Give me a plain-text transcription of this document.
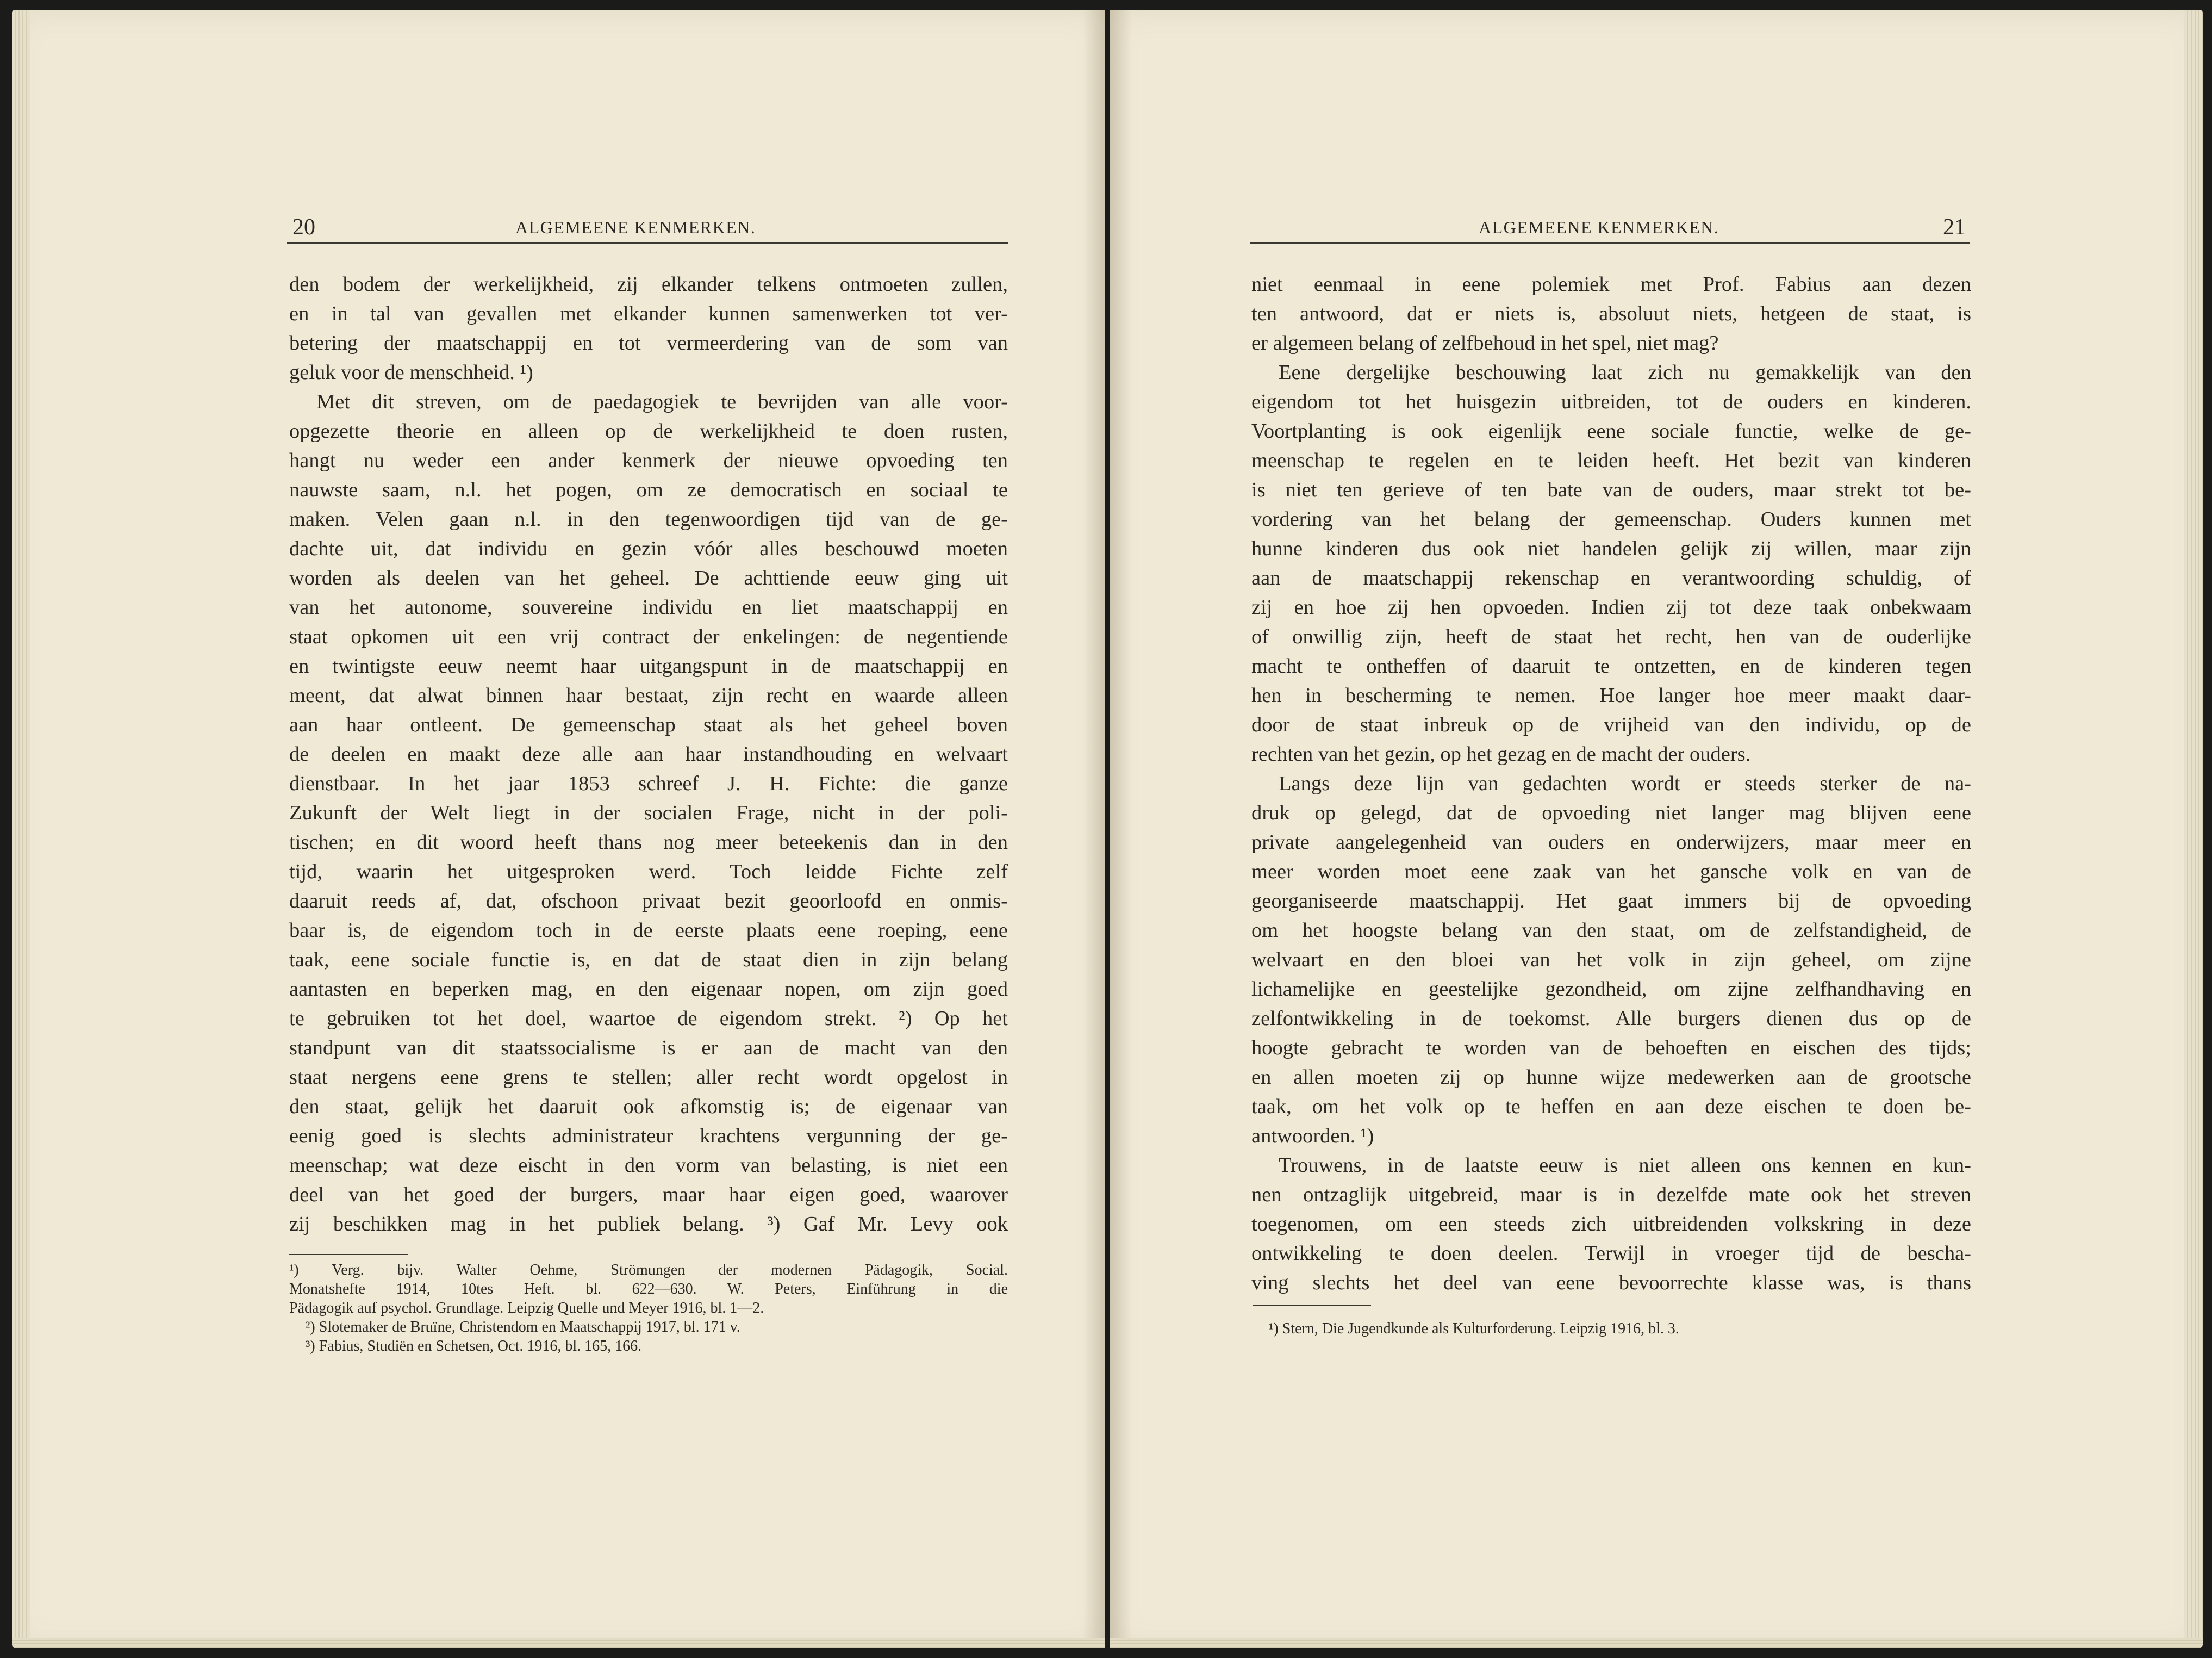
20	ALGEMEENE KENMERKEN.
den bodem der werkelijkheid, zij elkander telkens ontmoeten zullen,
en in tal van gevallen met elkander kunnen samenwerken tot ver-
betering der maatschappij en tot vermeerdering van de som van
geluk voor de menschheid. ¹)
Met dit streven, om de paedagogiek te bevrijden van alle voor-
opgezette theorie en alleen op de werkelijkheid te doen rusten,
hangt nu weder een ander kenmerk der nieuwe opvoeding ten
nauwste saam, n.l. het pogen, om ze democratisch en sociaal te
maken. Velen gaan n.l. in den tegenwoordigen tijd van de ge-
dachte uit, dat individu en gezin vóór alles beschouwd moeten
worden als deelen van het geheel. De achttiende eeuw ging uit
van het autonome, souvereine individu en liet maatschappij en
staat opkomen uit een vrij contract der enkelingen: de negentiende
en twintigste eeuw neemt haar uitgangspunt in de maatschappij en
meent, dat alwat binnen haar bestaat, zijn recht en waarde alleen
aan haar ontleent. De gemeenschap staat als het geheel boven
de deelen en maakt deze alle aan haar instandhouding en welvaart
dienstbaar. In het jaar 1853 schreef J. H. Fichte: die ganze
Zukunft der Welt liegt in der socialen Frage, nicht in der poli-
tischen; en dit woord heeft thans nog meer beteekenis dan in den
tijd, waarin het uitgesproken werd. Toch leidde Fichte zelf
daaruit reeds af, dat, ofschoon privaat bezit geoorloofd en onmis-
baar is, de eigendom toch in de eerste plaats eene roeping, eene
taak, eene sociale functie is, en dat de staat dien in zijn belang
aantasten en beperken mag, en den eigenaar nopen, om zijn goed
te gebruiken tot het doel, waartoe de eigendom strekt. ²) Op het
standpunt van dit staatssocialisme is er aan de macht van den
staat nergens eene grens te stellen; aller recht wordt opgelost in
den staat, gelijk het daaruit ook afkomstig is; de eigenaar van
eenig goed is slechts administrateur krachtens vergunning der ge-
meenschap; wat deze eischt in den vorm van belasting, is niet een
deel van het goed der burgers, maar haar eigen goed, waarover
zij beschikken mag in het publiek belang. ³) Gaf Mr. Levy ook
¹) Verg. bijv. Walter Oehme, Strömungen der modernen Pädagogik, Social.
Monatshefte 1914, 10tes Heft. bl. 622—630. W. Peters, Einführung in die
Pädagogik auf psychol. Grundlage. Leipzig Quelle und Meyer 1916, bl. 1—2.
²) Slotemaker de Bruïne, Christendom en Maatschappij 1917, bl. 171 v.
³) Fabius, Studiën en Schetsen, Oct. 1916, bl. 165, 166.
ALGEMEENE KENMERKEN.	21
niet eenmaal in eene polemiek met Prof. Fabius aan dezen
ten antwoord, dat er niets is, absoluut niets, hetgeen de staat, is
er algemeen belang of zelfbehoud in het spel, niet mag?
Eene dergelijke beschouwing laat zich nu gemakkelijk van den
eigendom tot het huisgezin uitbreiden, tot de ouders en kinderen.
Voortplanting is ook eigenlijk eene sociale functie, welke de ge-
meenschap te regelen en te leiden heeft. Het bezit van kinderen
is niet ten gerieve of ten bate van de ouders, maar strekt tot be-
vordering van het belang der gemeenschap. Ouders kunnen met
hunne kinderen dus ook niet handelen gelijk zij willen, maar zijn
aan de maatschappij rekenschap en verantwoording schuldig, of
zij en hoe zij hen opvoeden. Indien zij tot deze taak onbekwaam
of onwillig zijn, heeft de staat het recht, hen van de ouderlijke
macht te ontheffen of daaruit te ontzetten, en de kinderen tegen
hen in bescherming te nemen. Hoe langer hoe meer maakt daar-
door de staat inbreuk op de vrijheid van den individu, op de
rechten van het gezin, op het gezag en de macht der ouders.
Langs deze lijn van gedachten wordt er steeds sterker de na-
druk op gelegd, dat de opvoeding niet langer mag blijven eene
private aangelegenheid van ouders en onderwijzers, maar meer en
meer worden moet eene zaak van het gansche volk en van de
georganiseerde maatschappij. Het gaat immers bij de opvoeding
om het hoogste belang van den staat, om de zelfstandigheid, de
welvaart en den bloei van het volk in zijn geheel, om zijne
lichamelijke en geestelijke gezondheid, om zijne zelfhandhaving en
zelfontwikkeling in de toekomst. Alle burgers dienen dus op de
hoogte gebracht te worden van de behoeften en eischen des tijds;
en allen moeten zij op hunne wijze medewerken aan de grootsche
taak, om het volk op te heffen en aan deze eischen te doen be-
antwoorden. ¹)
Trouwens, in de laatste eeuw is niet alleen ons kennen en kun-
nen ontzaglijk uitgebreid, maar is in dezelfde mate ook het streven
toegenomen, om een steeds zich uitbreidenden volkskring in deze
ontwikkeling te doen deelen. Terwijl in vroeger tijd de bescha-
ving slechts het deel van eene bevoorrechte klasse was, is thans
¹) Stern, Die Jugendkunde als Kulturforderung. Leipzig 1916, bl. 3.
